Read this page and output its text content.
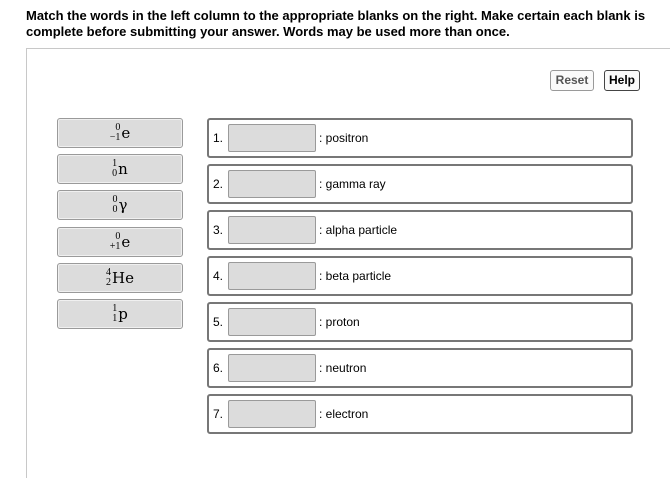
Match the words in the left column to the appropriate blanks on the right. Make certain each blank is complete before submitting your answer. Words may be used more than once.
Reset	Help
0
−1 e
1
0 n
0
0 γ
0
+1 e
4
2 He
1
1 p
1.	: positron
2.	: gamma ray
3.	: alpha particle
4.	: beta particle
5.	: proton
6.	: neutron
7.	: electron
